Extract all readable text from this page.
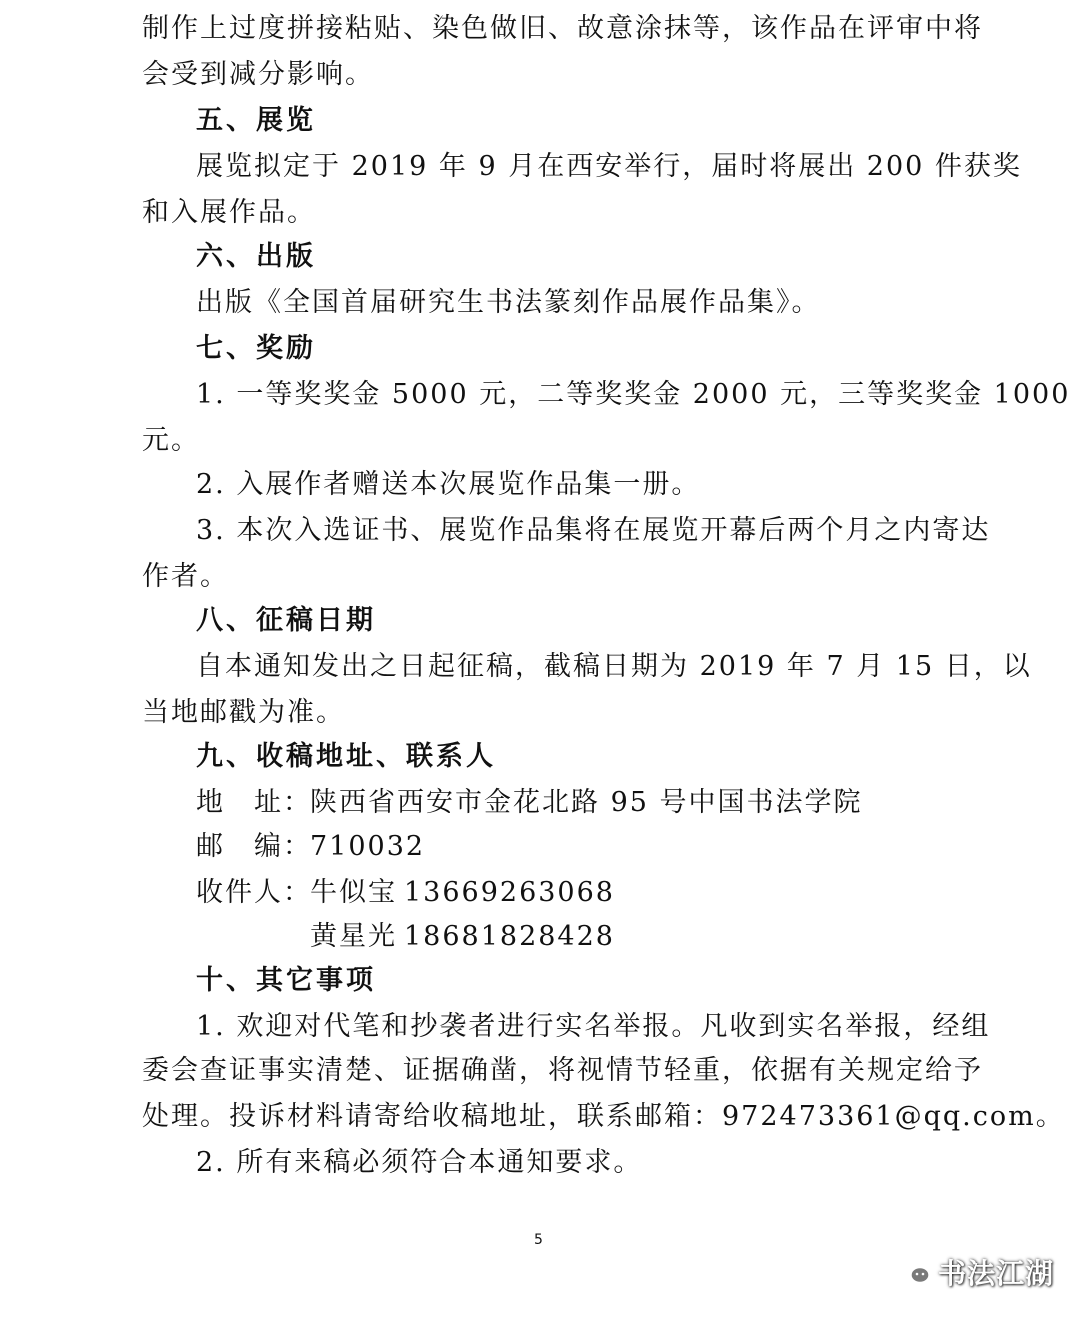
制作上过度拼接粘贴、染色做旧、故意涂抹等，该作品在评审中将
会受到减分影响。
五、展览
展览拟定于 2019 年 9 月在西安举行，届时将展出 200 件获奖
和入展作品。
六、出版
出版《全国首届研究生书法篆刻作品展作品集》。
七、奖励
1. 一等奖奖金 5000 元，二等奖奖金 2000 元，三等奖奖金 1000
元。
2. 入展作者赠送本次展览作品集一册。
3. 本次入选证书、展览作品集将在展览开幕后两个月之内寄达
作者。
八、征稿日期
自本通知发出之日起征稿，截稿日期为 2019 年 7 月 15 日，以
当地邮戳为准。
九、收稿地址、联系人
地　址：
陕西省西安市金花北路 95 号中国书法学院
邮　编：
710032
收件人：
牛似宝 13669263068
黄星光 18681828428
十、其它事项
1. 欢迎对代笔和抄袭者进行实名举报。凡收到实名举报，经组
委会查证事实清楚、证据确凿，将视情节轻重，依据有关规定给予
处理。投诉材料请寄给收稿地址，联系邮箱：972473361@qq.com。
2. 所有来稿必须符合本通知要求。
5
书法江湖
